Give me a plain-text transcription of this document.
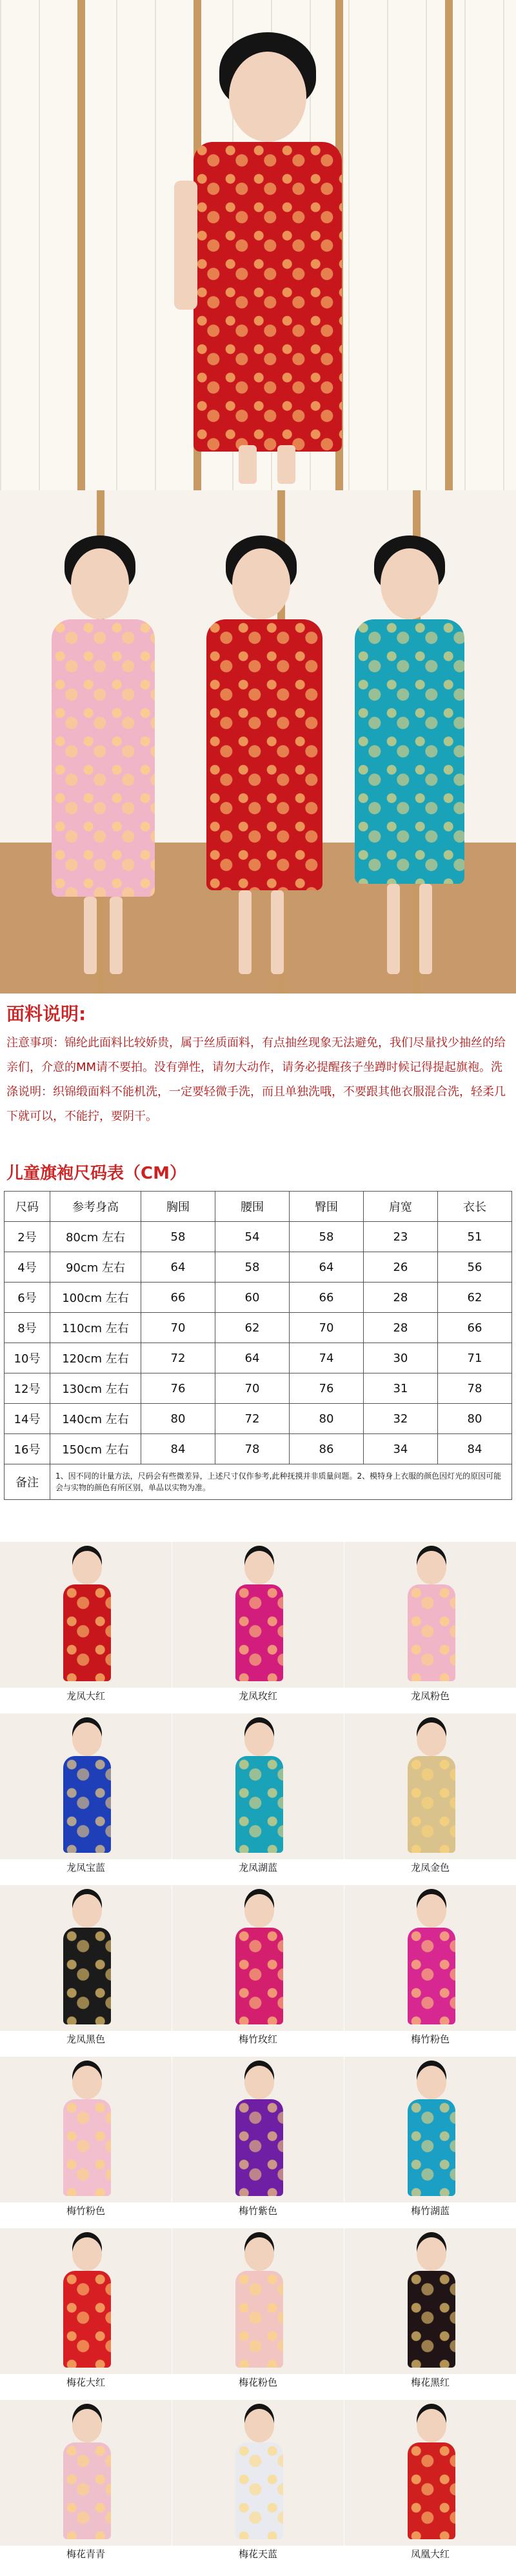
面料说明:
注意事项：锦纶此面料比较娇贵，属于丝质面料，有点抽丝现象无法避免，我们尽量找少抽丝的给亲们，介意的MM请不要拍。没有弹性，请勿大动作，请务必提醒孩子坐蹲时候记得提起旗袍。洗涤说明：织锦缎面料不能机洗，一定要轻微手洗，而且单独洗哦，不要跟其他衣服混合洗，轻柔几下就可以，不能拧，要阴干。
儿童旗袍尺码表（CM）
尺码	参考身高	胸围	腰围	臀围	肩宽	衣长
2号	80cm 左右	58	54	58	23	51
4号	90cm 左右	64	58	64	26	56
6号	100cm 左右	66	60	66	28	62
8号	110cm 左右	70	62	70	28	66
10号	120cm 左右	72	64	74	30	71
12号	130cm 左右	76	70	76	31	78
14号	140cm 左右	80	72	80	32	80
16号	150cm 左右	84	78	86	34	84
备注	1、因不同的计量方法，尺码会有些微差异，上述尺寸仅作参考,此种抚摸并非质量问题。2、模特身上衣服的颜色因灯光的原因可能会与实物的颜色有所区别，单品以实物为准。					
龙凤大红	龙凤玫红	龙凤粉色
龙凤宝蓝	龙凤湖蓝	龙凤金色
龙凤黑色	梅竹玫红	梅竹粉色
梅竹粉色	梅竹紫色	梅竹湖蓝
梅花大红	梅花粉色	梅花黑红
梅花青青	梅花天蓝	凤凰大红
